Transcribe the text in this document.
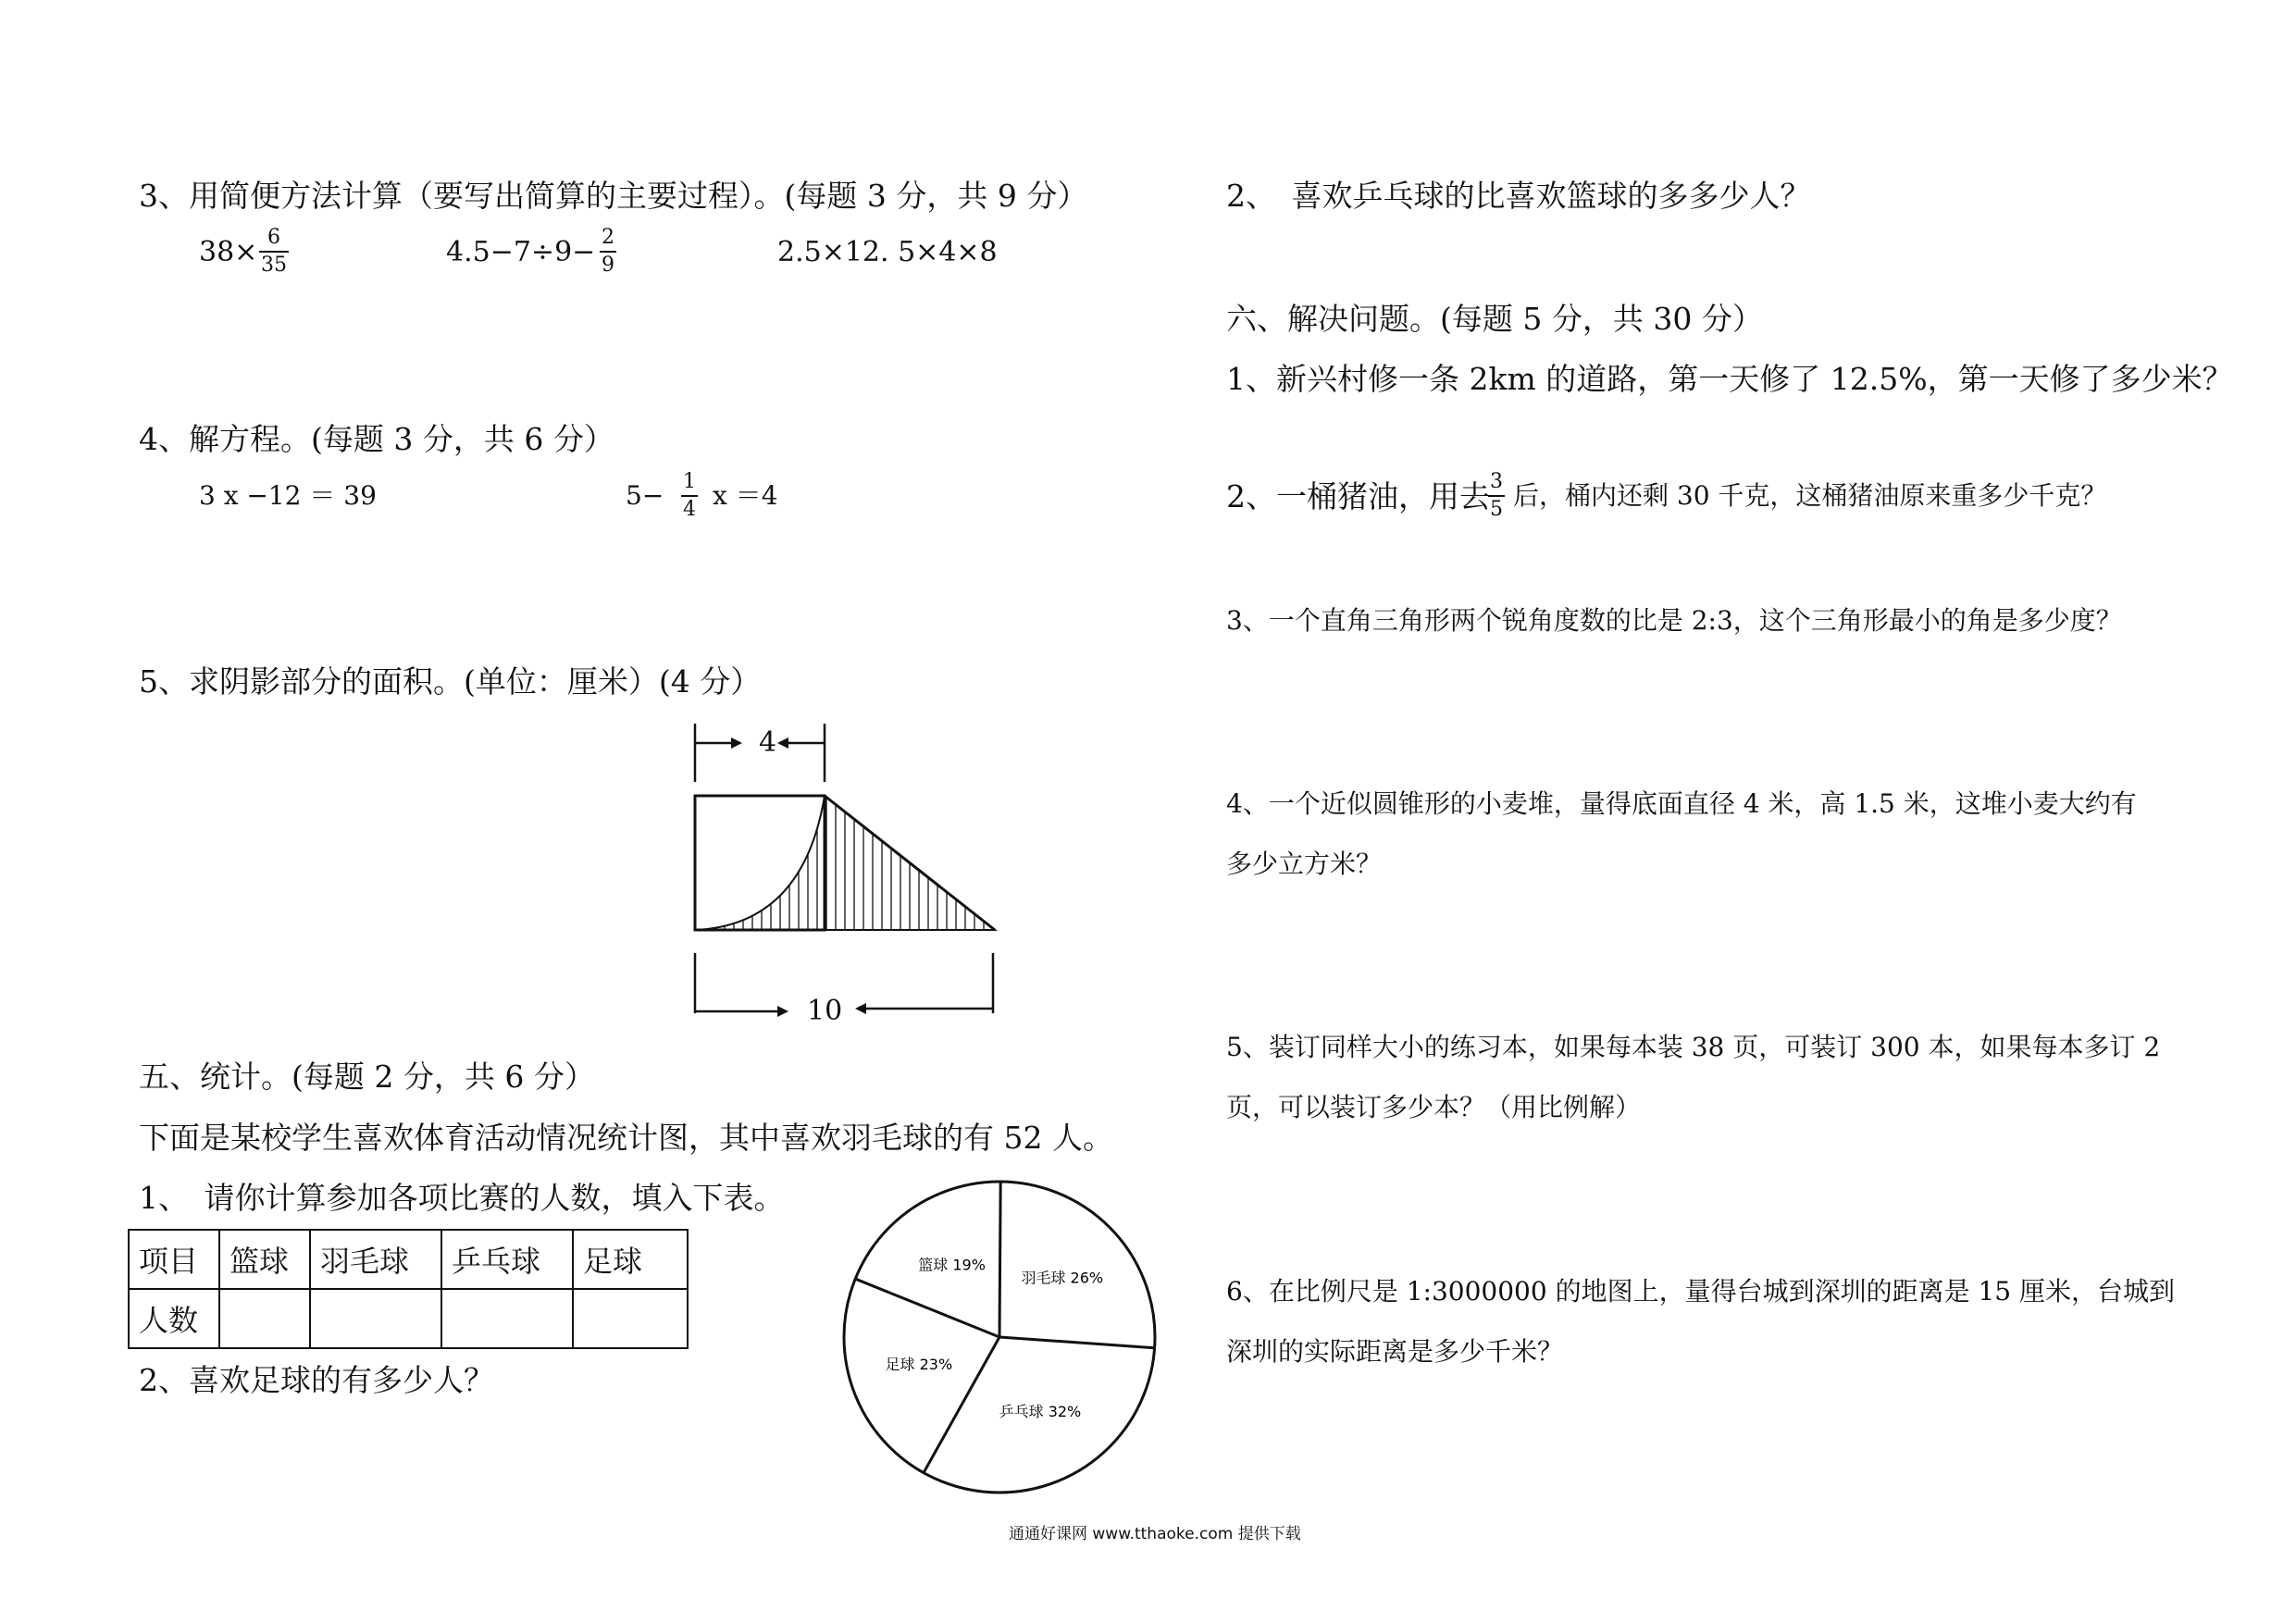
3、用简便方法计算（要写出简算的主要过程）。(每题 3 分，共 9 分）
38× 6
35	4.5−7÷9− 2
9	2.5×12. 5×4×8
4、解方程。(每题 3 分，共 6 分）
3 x −12 ＝ 39	5− 1
4 x ＝4
5、求阴影部分的面积。(单位：厘米）(4 分）
4
10
五、统计。(每题 2 分，共 6 分）
下面是某校学生喜欢体育活动情况统计图，其中喜欢羽毛球的有 52 人。
1、　请你计算参加各项比赛的人数，填入下表。
项目	篮球	羽毛球	乒乓球	足球
人数				
2、喜欢足球的有多少人？
篮球 19%
羽毛球 26%
乒乓球 32%
足球 23%
2、　喜欢乒乓球的比喜欢篮球的多多少人？
六、解决问题。(每题 5 分，共 30 分）
1、新兴村修一条 2km 的道路，第一天修了 12.5%，第一天修了多少米？
2、一桶猪油，用去 3
5 后，桶内还剩 30 千克，这桶猪油原来重多少千克？
3、一个直角三角形两个锐角度数的比是 2:3，这个三角形最小的角是多少度？
4、一个近似圆锥形的小麦堆，量得底面直径 4 米，高 1.5 米，这堆小麦大约有
多少立方米？
5、装订同样大小的练习本，如果每本装 38 页，可装订 300 本，如果每本多订 2
页，可以装订多少本？（用比例解）
6、在比例尺是 1:3000000 的地图上，量得台城到深圳的距离是 15 厘米，台城到
深圳的实际距离是多少千米？
通通好课网 www.tthaoke.com 提供下载
